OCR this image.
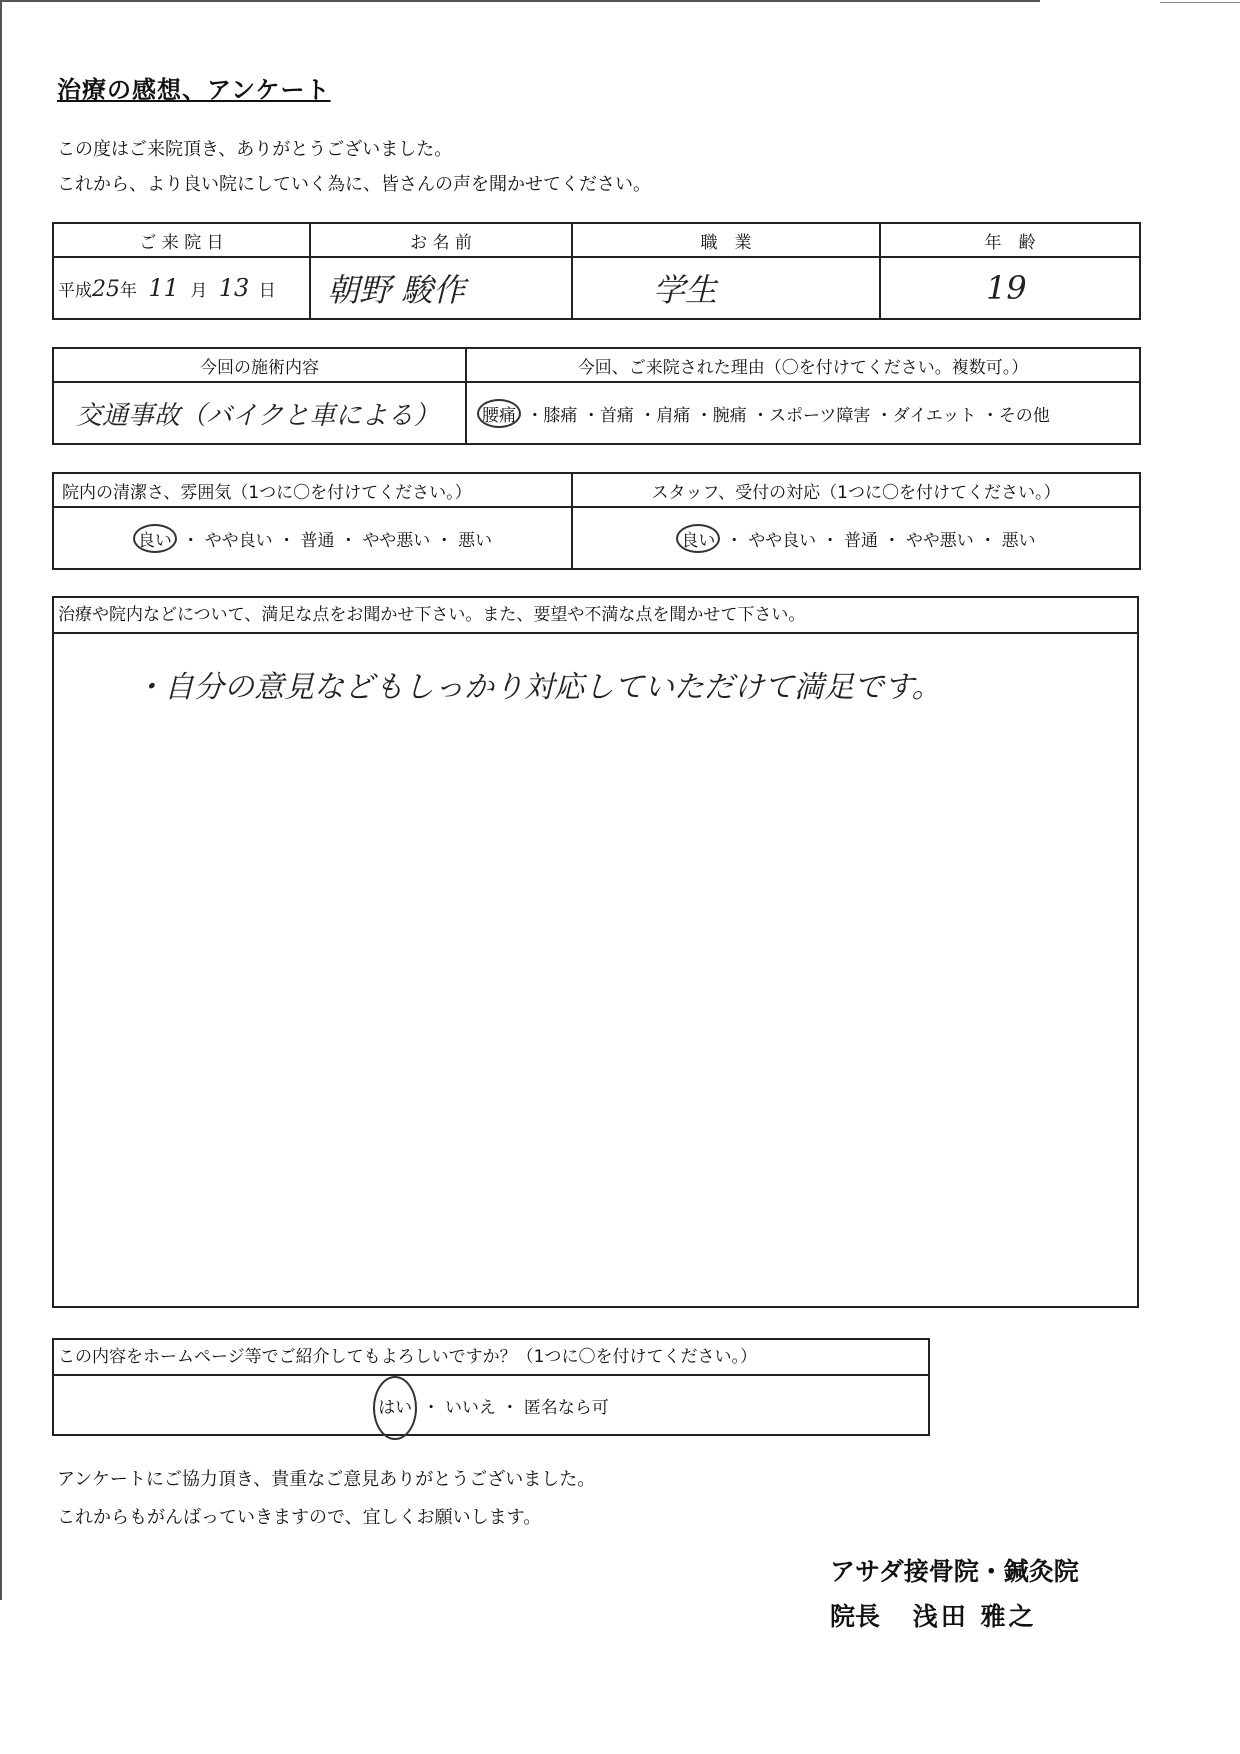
治療の感想、アンケート
この度はご来院頂き、ありがとうございました。
これから、より良い院にしていく為に、皆さんの声を聞かせてください。
ご 来 院 日	お 名 前	職　業	年　齢
平成25年 11 月 13 日	朝野 駿作	学生	19
今回の施術内容	今回、ご来院された理由（〇を付けてください。複数可。）
交通事故（バイクと車による）	腰痛 ・膝痛 ・首痛 ・肩痛 ・腕痛 ・スポーツ障害 ・ダイエット ・その他
院内の清潔さ、雰囲気（1つに〇を付けてください。）	スタッフ、受付の対応（1つに〇を付けてください。）
良い ・ やや良い ・ 普通 ・ やや悪い ・ 悪い	良い ・ やや良い ・ 普通 ・ やや悪い ・ 悪い
治療や院内などについて、満足な点をお聞かせ下さい。また、要望や不満な点を聞かせて下さい。
・自分の意見などもしっかり対応していただけて満足です。
この内容をホームページ等でご紹介してもよろしいですか？（1つに〇を付けてください。）
はい ・ いいえ ・ 匿名なら可
アンケートにご協力頂き、貴重なご意見ありがとうございました。
これからもがんばっていきますので、宜しくお願いします。
アサダ接骨院・鍼灸院
院長 浅田 雅之
